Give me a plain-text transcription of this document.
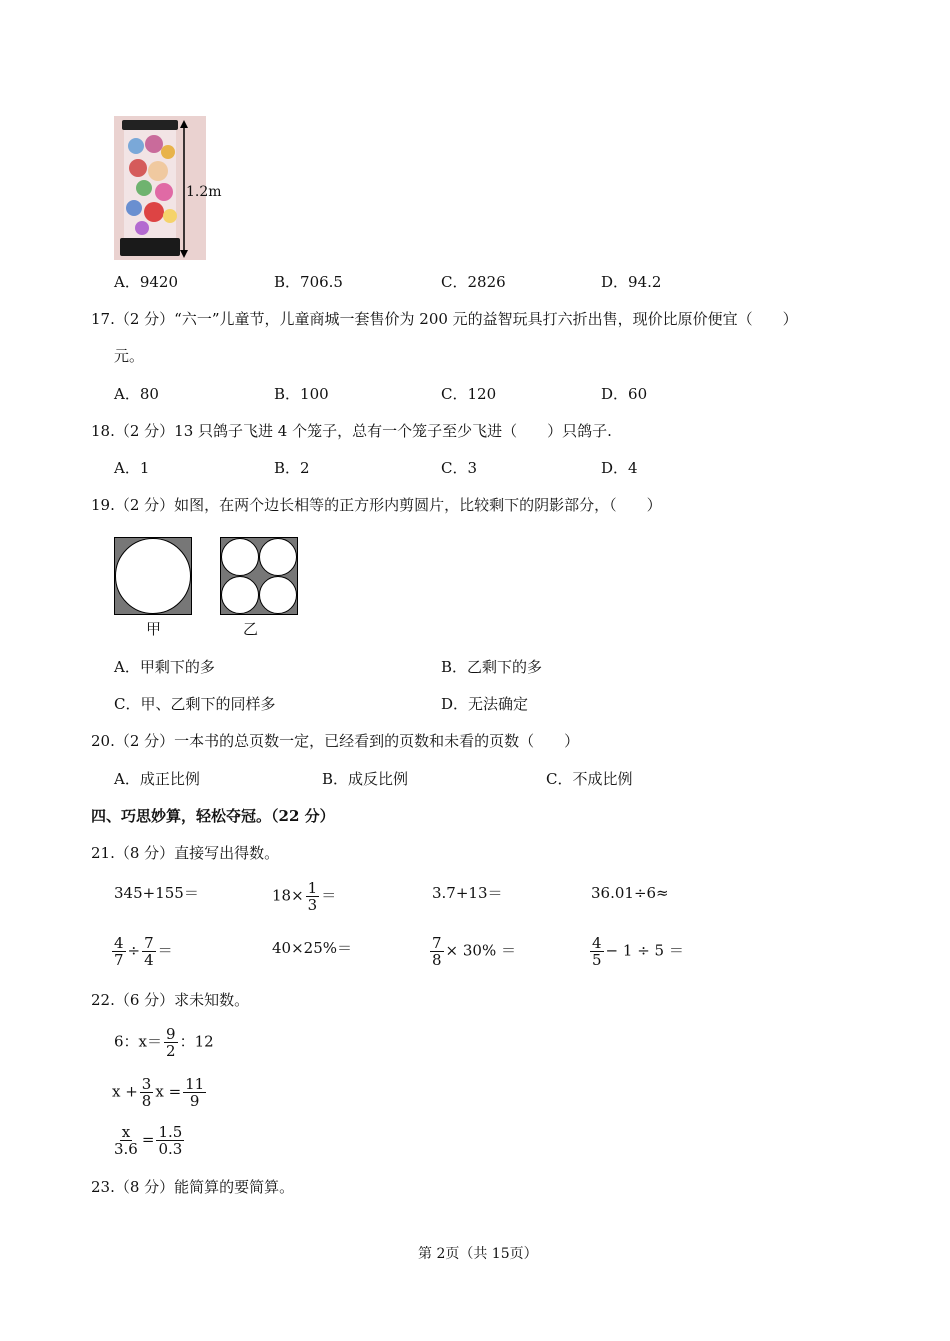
1.2m
A．9420	B．706.5	C．2826	D．94.2
17.（2 分）“六一”儿童节，儿童商城一套售价为 200 元的益智玩具打六折出售，现价比原价便宜（　　）
元。
A．80	B．100	C．120	D．60
18.（2 分）13 只鸽子飞进 4 个笼子，总有一个笼子至少飞进（　　）只鸽子.
A．1	B．2	C．3	D．4
19.（2 分）如图，在两个边长相等的正方形内剪圆片，比较剩下的阴影部分，（　　）
甲	乙
A．甲剩下的多	B．乙剩下的多
C．甲、乙剩下的同样多	D．无法确定
20.（2 分）一本书的总页数一定，已经看到的页数和未看的页数（　　）
A．成正比例	B．成反比例	C．不成比例
四、巧思妙算，轻松夺冠。（22 分）
21.（8 分）直接写出得数。
345+155＝	$18\times \frac{1}{3}$ ＝	3.7+13＝	36.01÷6≈
$\frac{4}{7} \div \frac{7}{4}$ ＝	40×25%＝	$\frac{7}{8} \times 30\%$ ＝	$\frac{4}{5} - 1 \div 5$ ＝
22.（6 分）求未知数。
6：$x= \frac{9}{2}$ ：12
$x + \frac{3}{8}$ $x = \frac{11}{9}$
$\frac{x}{3.6} = \frac{1.5}{0.3}$
23.（8 分）能简算的要简算。
第 2页（共 15页）
